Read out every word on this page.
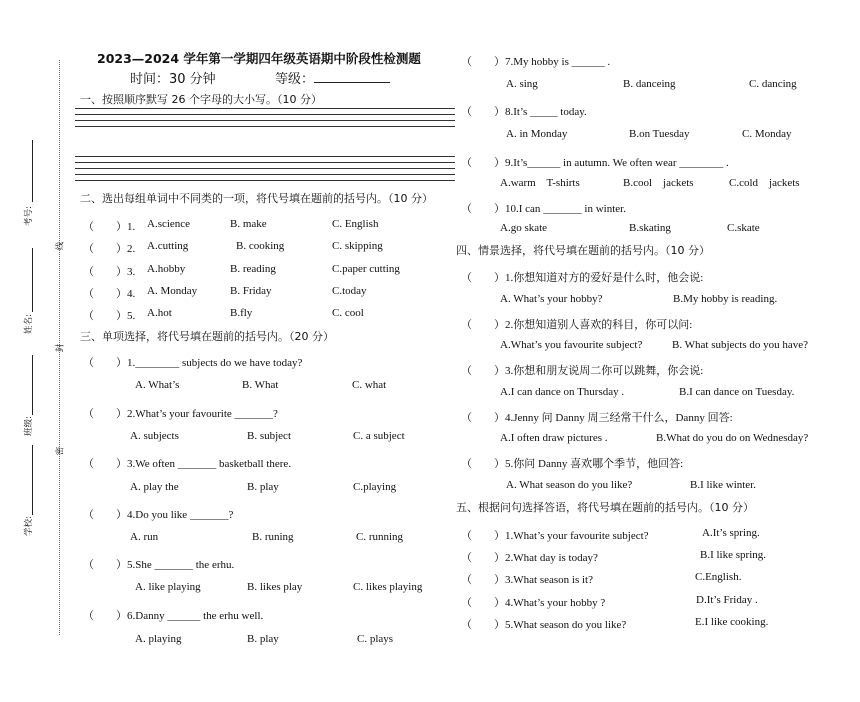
考号:
姓名:
班级:
学校:
线
封
密
2023—2024 学年第一学期四年级英语期中阶段性检测题
时间：30 分钟	等级：
一、按照顺序默写 26 个字母的大小写。（10 分）
二、选出每组单词中不同类的一项，将代号填在题前的括号内。（10 分）
（　　）1. A.science	B. make	C. English
（　　）2. A.cutting	B. cooking	C. skipping
（　　）3. A.hobby	B. reading	C.paper cutting
（　　）4. A. Monday	B. Friday	C.today
（　　）5. A.hot	B.fly	C. cool
三、单项选择，将代号填在题前的括号内。（20 分）
（　　）1.________ subjects do we have today?
A. What’s	B. What	C. what
（　　）2.What’s your favourite _______?
A. subjects	B. subject	C. a subject
（　　）3.We often _______ basketball there.
A. play the	B. play	C.playing
（　　）4.Do you like _______?
A. run	B. runing	C. running
（　　）5.She _______ the erhu.
A. like playing	B. likes play	C. likes playing
（　　）6.Danny ______ the erhu well.
A. playing	B. play	C. plays
（　　）7.My hobby is ______ .
A. sing	B. danceing	C. dancing
（　　）8.It’s _____ today.
A. in Monday	B.on Tuesday	C. Monday
（　　）9.It’s______ in autumn. We often wear ________ .
A.warm    T-shirts	B.cool    jackets	C.cold    jackets
（　　）10.I can _______ in winter.
A.go skate	B.skating	C.skate
四、情景选择，将代号填在题前的括号内。（10 分）
（　　）1.你想知道对方的爱好是什么时，他会说:
A. What’s your hobby?	B.My hobby is reading.
（　　）2.你想知道别人喜欢的科目，你可以问:
A.What’s you favourite subject?	B. What subjects do you have?
（　　）3.你想和朋友说周二你可以跳舞，你会说:
A.I can dance on Thursday .	B.I can dance on Tuesday.
（　　）4.Jenny 问 Danny 周三经常干什么，Danny 回答:
A.I often draw pictures .	B.What do you do on Wednesday?
（　　）5.你问 Danny 喜欢哪个季节，他回答:
A. What season do you like?	B.I like winter.
五、根据问句选择答语，将代号填在题前的括号内。（10 分）
（　　）1.What’s your favourite subject?	A.It’s spring.
（　　）2.What day is today?	B.I like spring.
（　　）3.What season is it?	C.English.
（　　）4.What’s your hobby ?	D.It’s Friday .
（　　）5.What season do you like?	E.I like cooking.
